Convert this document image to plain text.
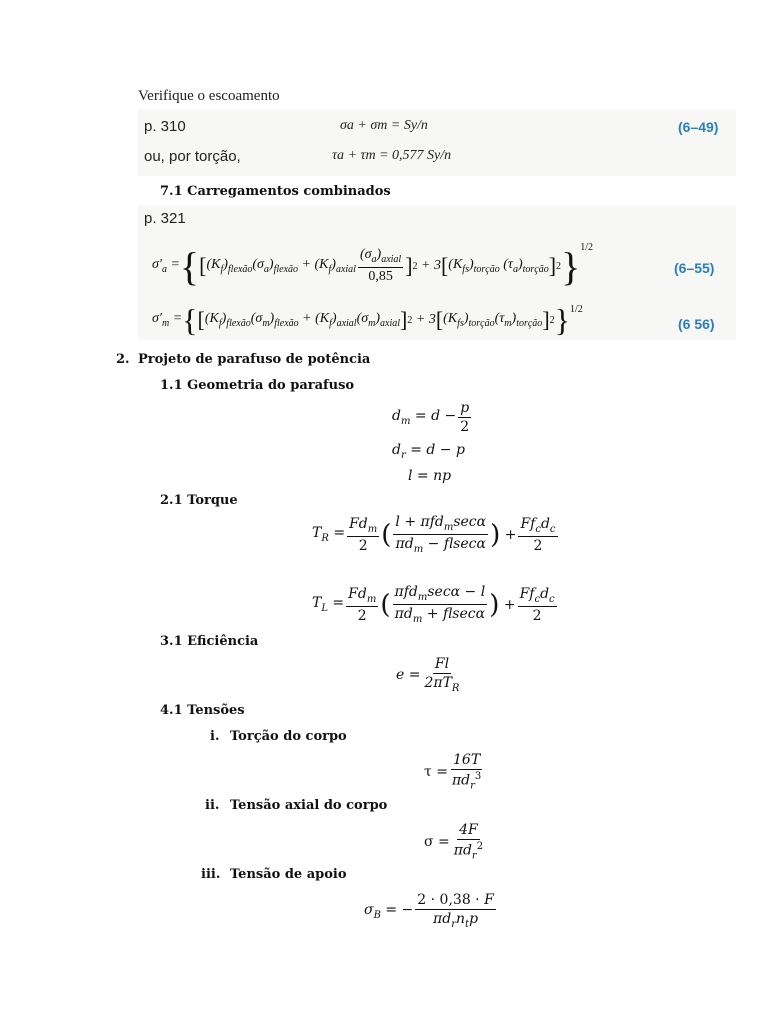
Verifique o escoamento
p. 310	σa + σm = Sy/n	(6–49)
ou, por torção,	τa + τm = 0,577 Sy/n
7.1 Carregamentos combinados
p. 321
$\sigma'_a$ = { [ $(K_f)_{flexão}(\sigma_a)_{flexão} + (K_f)_{axial} \frac{(\sigma_a)_{axial}}{0,85}$ ] 2 + 3 [ $(K_{fs})_{torção}$ $(\tau_a)_{torção}$ ] 2 }$^{1/2}$
(6–55)
$\sigma'_m$ = { [ $(K_f)_{flexão}(\sigma_m)_{flexão} + (K_f)_{axial}(\sigma_m)_{axial}$ ] 2 + 3 [ $(K_{fs})_{torção}(\tau_m)_{torção}$ ] 2 }$^{1/2}$
(6 56)
2. Projeto de parafuso de potência
1.1 Geometria do parafuso
$d_m = d - \frac{p}{2}$
$d_r = d - p$
l = np
2.1 Torque
$T_R = \frac{Fd_m}{2}$ ( $\frac{l + \pi fd_m\sec\alpha}{\pi d_m - flsec\alpha}$ ) + $\frac{Ff_cd_c}{2}$
$T_L = \frac{Fd_m}{2}$ ( $\frac{\pi fd_m\sec\alpha - l}{\pi d_m + flsec\alpha}$ ) + $\frac{Ff_cd_c}{2}$
3.1 Eficiência
$e = \frac{Fl}{2\pi T_R}$
4.1 Tensões
i. Torção do corpo
$\tau = \frac{16T}{\pi d_r^3}$
ii. Tensão axial do corpo
$\sigma = \frac{4F}{\pi d_r^2}$
iii. Tensão de apoio
$\sigma_B$ = − $\frac{2 \cdot 0,38 \cdot F}{\pi d_rn_tp}$
